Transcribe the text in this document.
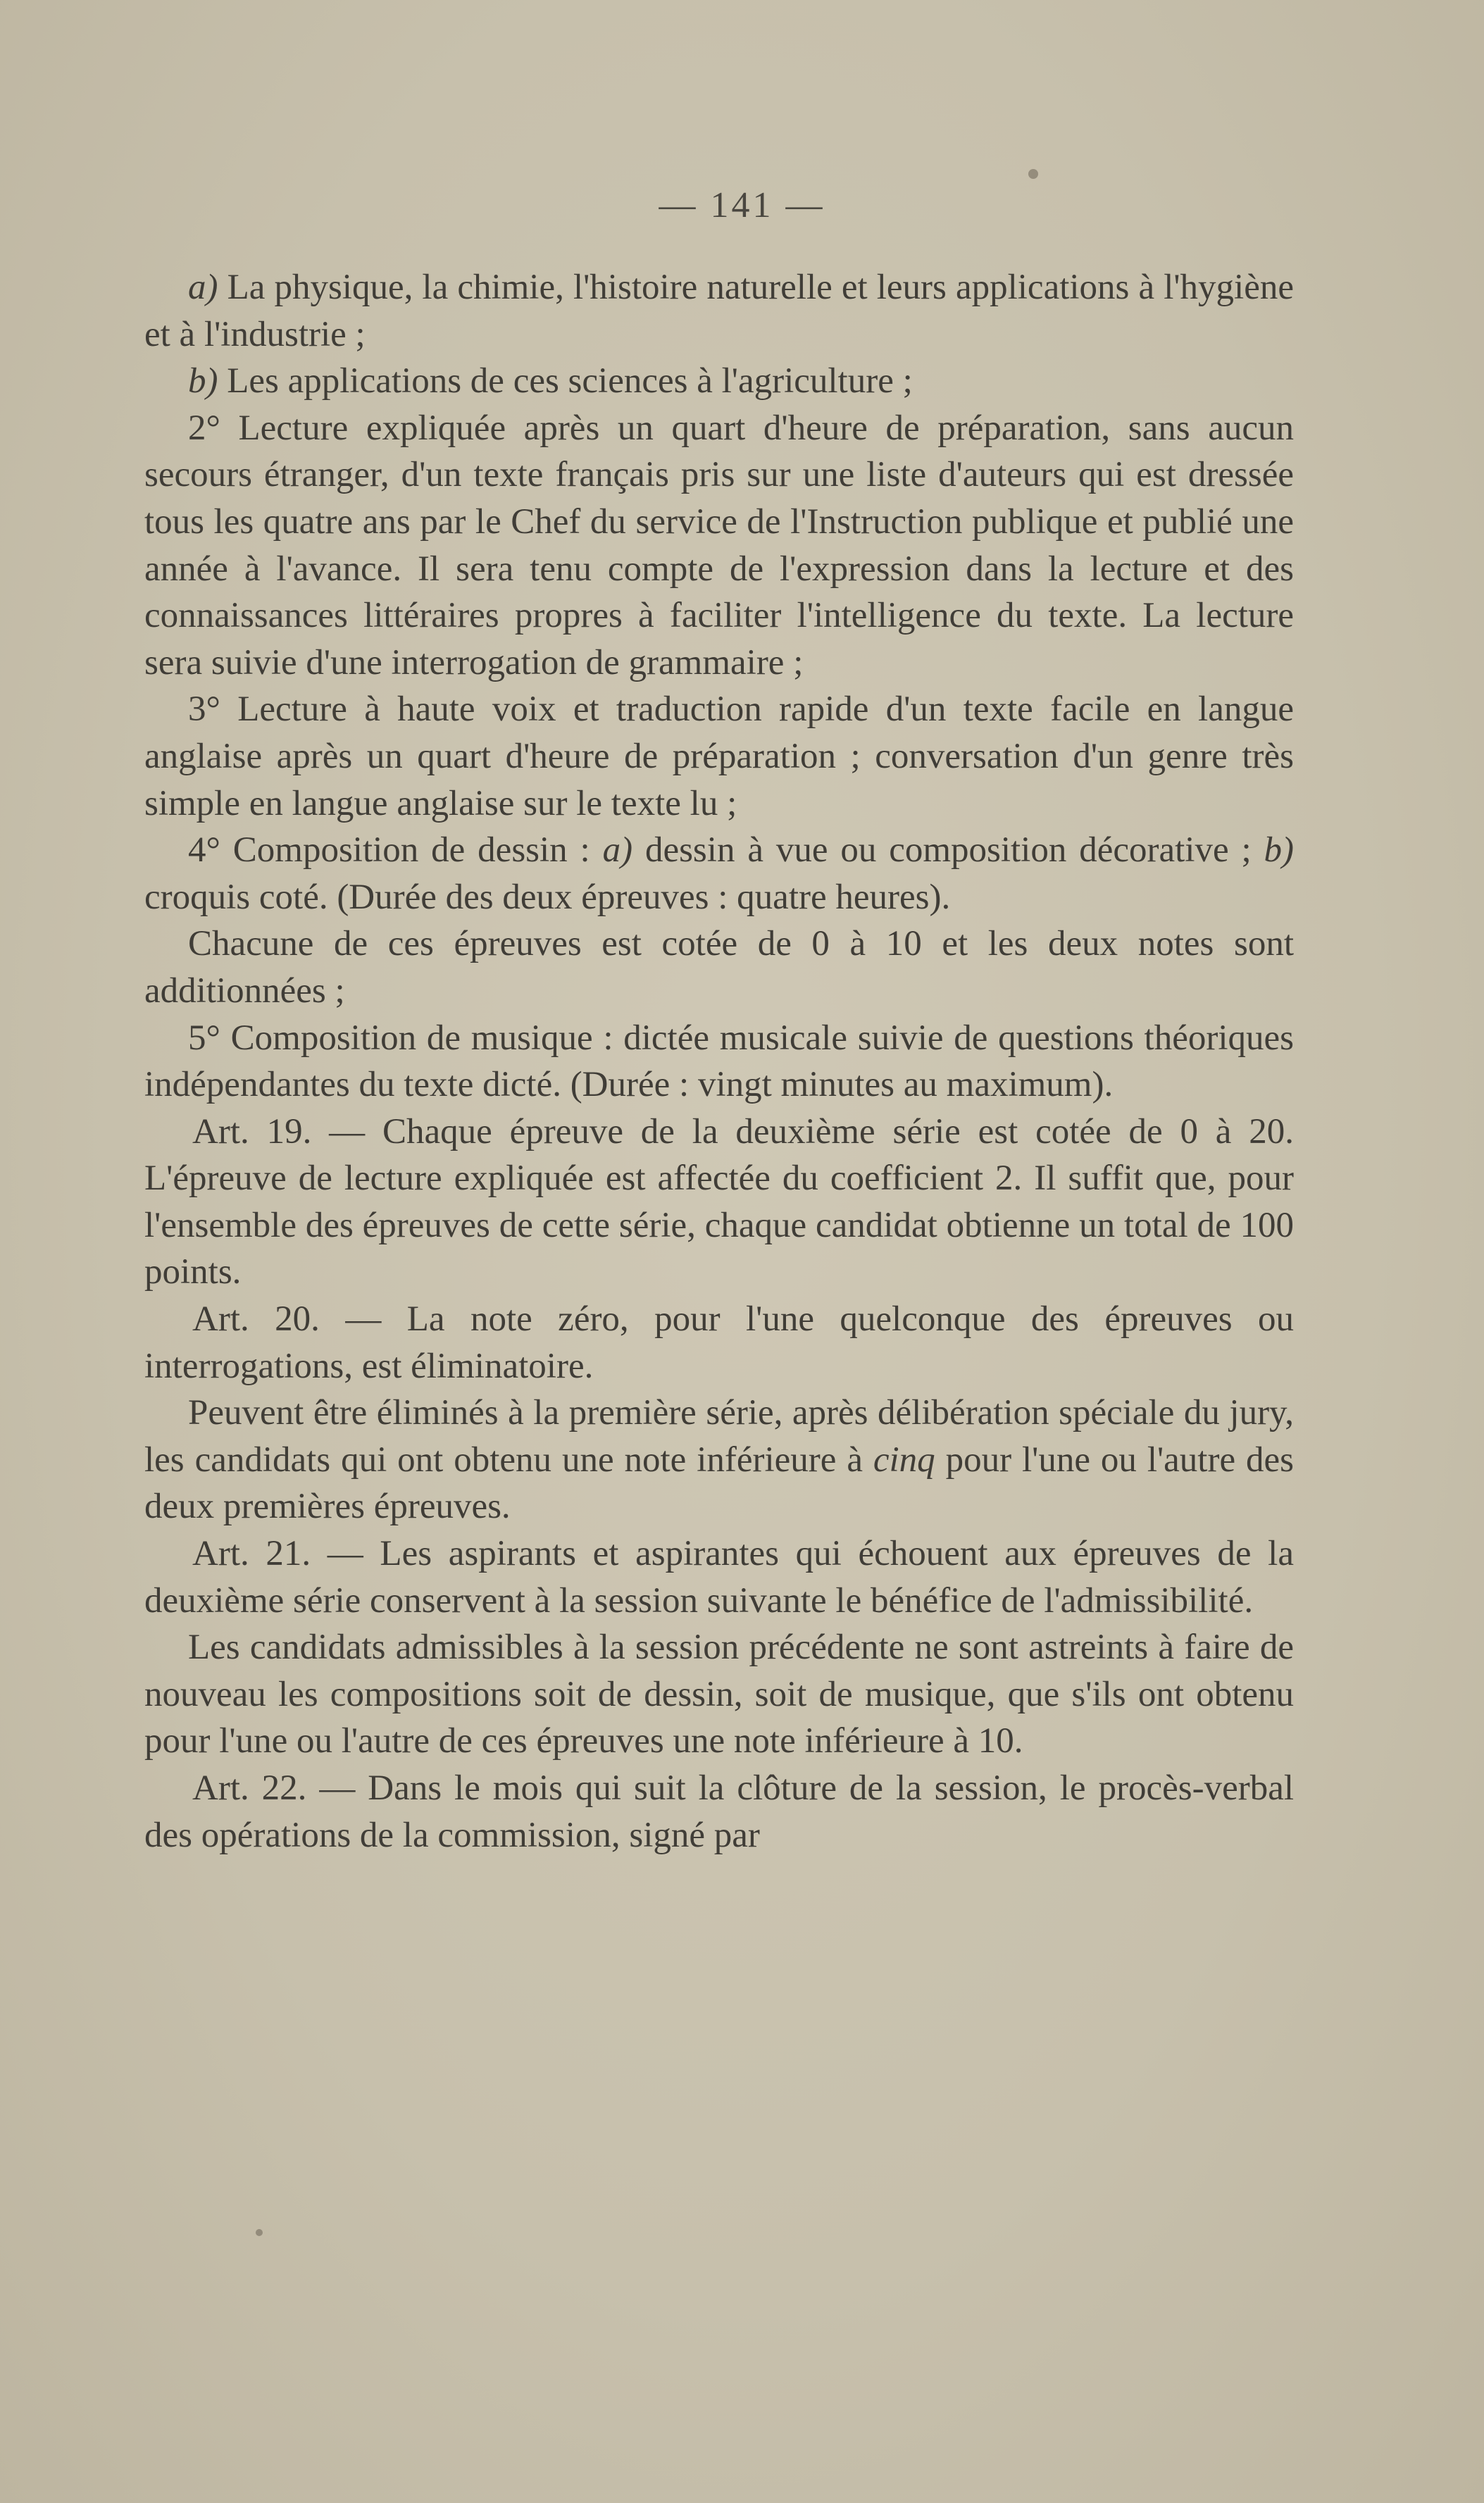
— 141 —

a) La physique, la chimie, l'histoire naturelle et leurs applications à l'hygiène et à l'industrie ;

b) Les applications de ces sciences à l'agriculture ;

2° Lecture expliquée après un quart d'heure de préparation, sans aucun secours étranger, d'un texte français pris sur une liste d'auteurs qui est dressée tous les quatre ans par le Chef du service de l'Instruction publique et publié une année à l'avance. Il sera tenu compte de l'expression dans la lecture et des connaissances littéraires propres à faciliter l'intelligence du texte. La lecture sera suivie d'une interrogation de grammaire ;

3° Lecture à haute voix et traduction rapide d'un texte facile en langue anglaise après un quart d'heure de préparation ; conversation d'un genre très simple en langue anglaise sur le texte lu ;

4° Composition de dessin : a) dessin à vue ou composition décorative ; b) croquis coté. (Durée des deux épreuves : quatre heures).

Chacune de ces épreuves est cotée de 0 à 10 et les deux notes sont additionnées ;

5° Composition de musique : dictée musicale suivie de questions théoriques indépendantes du texte dicté. (Durée : vingt minutes au maximum).

Art. 19. — Chaque épreuve de la deuxième série est cotée de 0 à 20. L'épreuve de lecture expliquée est affectée du coefficient 2. Il suffit que, pour l'ensemble des épreuves de cette série, chaque candidat obtienne un total de 100 points.

Art. 20. — La note zéro, pour l'une quelconque des épreuves ou interrogations, est éliminatoire.

Peuvent être éliminés à la première série, après délibération spéciale du jury, les candidats qui ont obtenu une note inférieure à cinq pour l'une ou l'autre des deux premières épreuves.

Art. 21. — Les aspirants et aspirantes qui échouent aux épreuves de la deuxième série conservent à la session suivante le bénéfice de l'admissibilité.

Les candidats admissibles à la session précédente ne sont astreints à faire de nouveau les compositions soit de dessin, soit de musique, que s'ils ont obtenu pour l'une ou l'autre de ces épreuves une note inférieure à 10.

Art. 22. — Dans le mois qui suit la clôture de la session, le procès-verbal des opérations de la commission, signé par
